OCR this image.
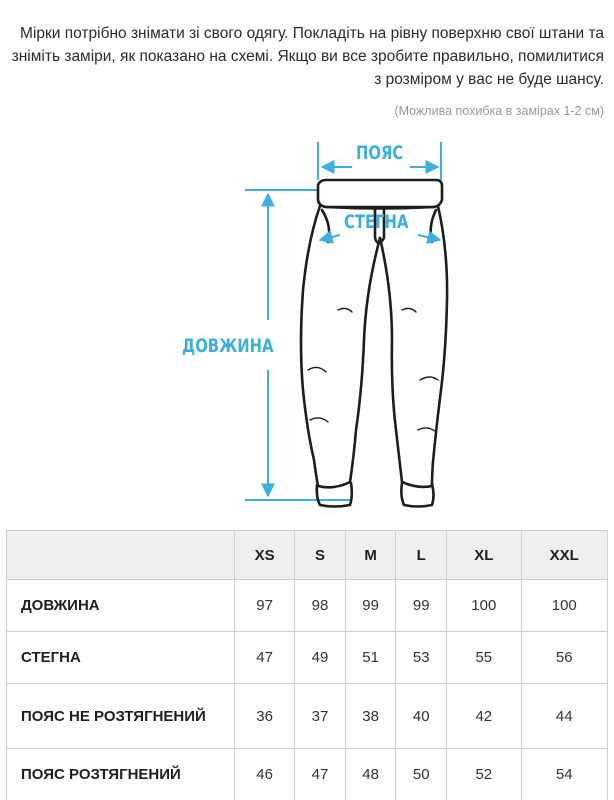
Мірки потрібно знімати зі свого одягу. Покладіть на рівну поверхню свої штани та зніміть заміри, як показано на схемі. Якщо ви все зробите правильно, помилитися з розміром у вас не буде шансу.
(Можлива похибка в замірах 1-2 см)
ПОЯС
СТЕГНА
ДОВЖИНА
	XS	S	M	L	XL	XXL
ДОВЖИНА	97	98	99	99	100	100
СТЕГНА	47	49	51	53	55	56
ПОЯС НЕ РОЗТЯГНЕНИЙ	36	37	38	40	42	44
ПОЯС РОЗТЯГНЕНИЙ	46	47	48	50	52	54
